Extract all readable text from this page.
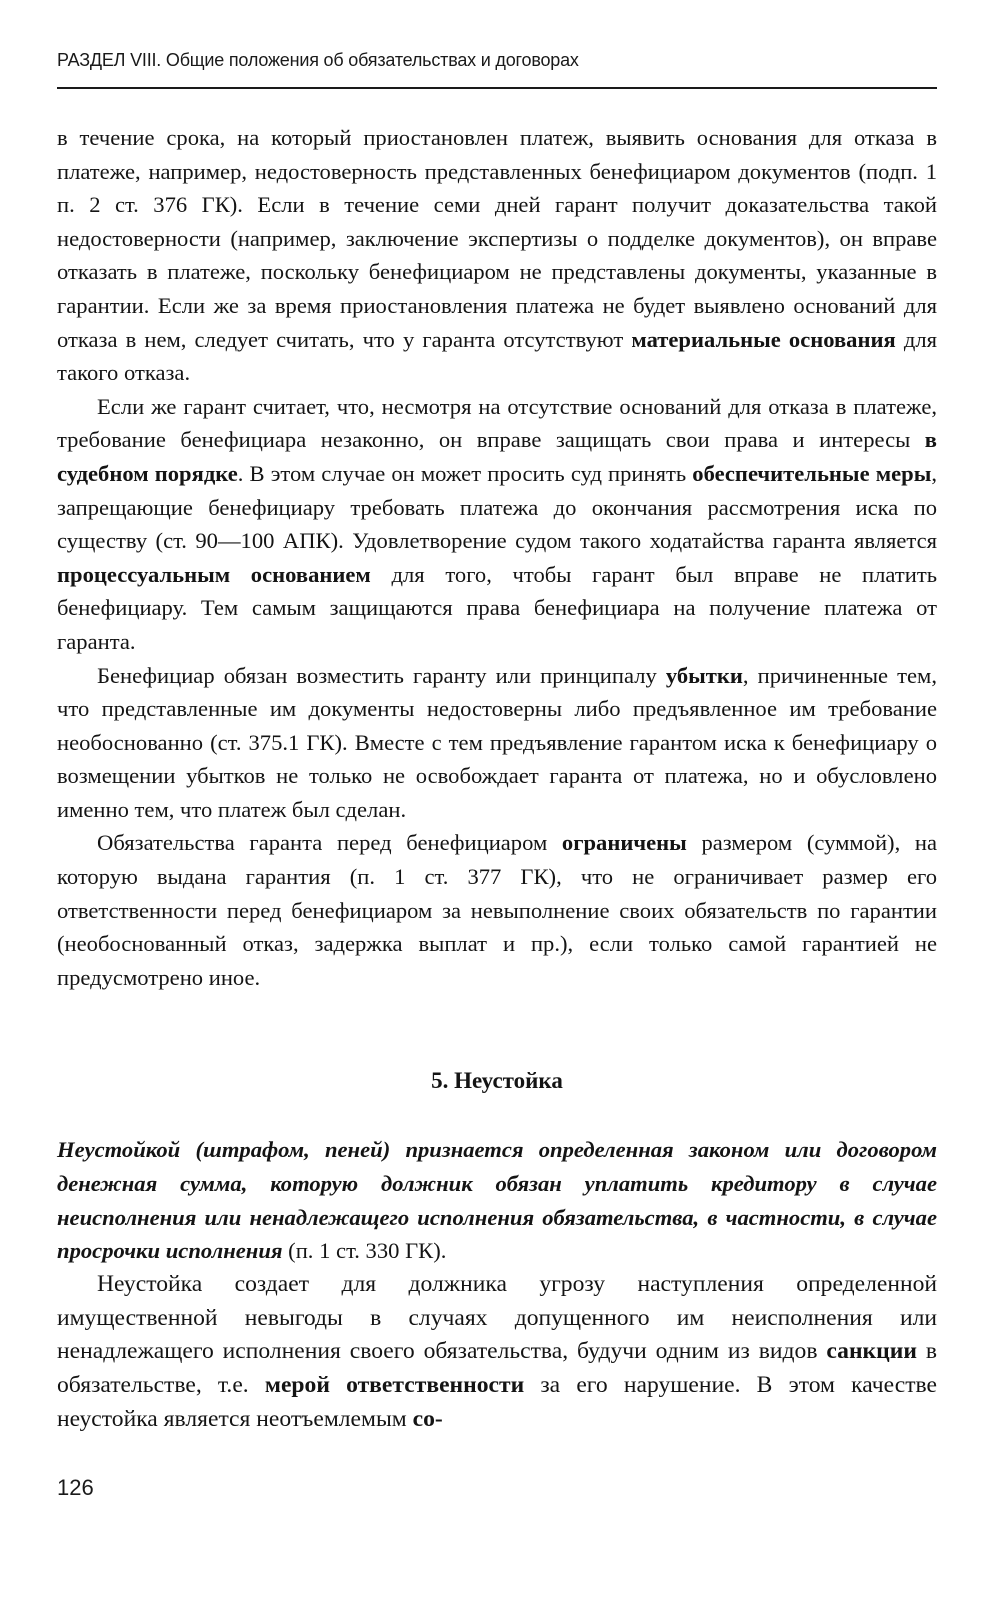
РАЗДЕЛ VIII. Общие положения об обязательствах и договорах

в течение срока, на который приостановлен платеж, выявить основания для отказа в платеже, например, недостоверность представленных бенефициаром документов (подп. 1 п. 2 ст. 376 ГК). Если в течение семи дней гарант получит доказательства такой недостоверности (например, заключение экспертизы о подделке документов), он вправе отказать в платеже, поскольку бенефициаром не представлены документы, указанные в гарантии. Если же за время приостановления платежа не будет выявлено оснований для отказа в нем, следует считать, что у гаранта отсутствуют материальные основания для такого отказа.

Если же гарант считает, что, несмотря на отсутствие оснований для отказа в платеже, требование бенефициара незаконно, он вправе защищать свои права и интересы в судебном порядке. В этом случае он может просить суд принять обеспечительные меры, запрещающие бенефициару требовать платежа до окончания рассмотрения иска по существу (ст. 90—100 АПК). Удовлетворение судом такого ходатайства гаранта является процессуальным основанием для того, чтобы гарант был вправе не платить бенефициару. Тем самым защищаются права бенефициара на получение платежа от гаранта.

Бенефициар обязан возместить гаранту или принципалу убытки, причиненные тем, что представленные им документы недостоверны либо предъявленное им требование необоснованно (ст. 375.1 ГК). Вместе с тем предъявление гарантом иска к бенефициару о возмещении убытков не только не освобождает гаранта от платежа, но и обусловлено именно тем, что платеж был сделан.

Обязательства гаранта перед бенефициаром ограничены размером (суммой), на которую выдана гарантия (п. 1 ст. 377 ГК), что не ограничивает размер его ответственности перед бенефициаром за невыполнение своих обязательств по гарантии (необоснованный отказ, задержка выплат и пр.), если только самой гарантией не предусмотрено иное.

5. Неустойка

Неустойкой (штрафом, пеней) признается определенная законом или договором денежная сумма, которую должник обязан уплатить кредитору в случае неисполнения или ненадлежащего исполнения обязательства, в частности, в случае просрочки исполнения (п. 1 ст. 330 ГК).

Неустойка создает для должника угрозу наступления определенной имущественной невыгоды в случаях допущенного им неисполнения или ненадлежащего исполнения своего обязательства, будучи одним из видов санкции в обязательстве, т.е. мерой ответственности за его нарушение. В этом качестве неустойка является неотъемлемым со-

126
